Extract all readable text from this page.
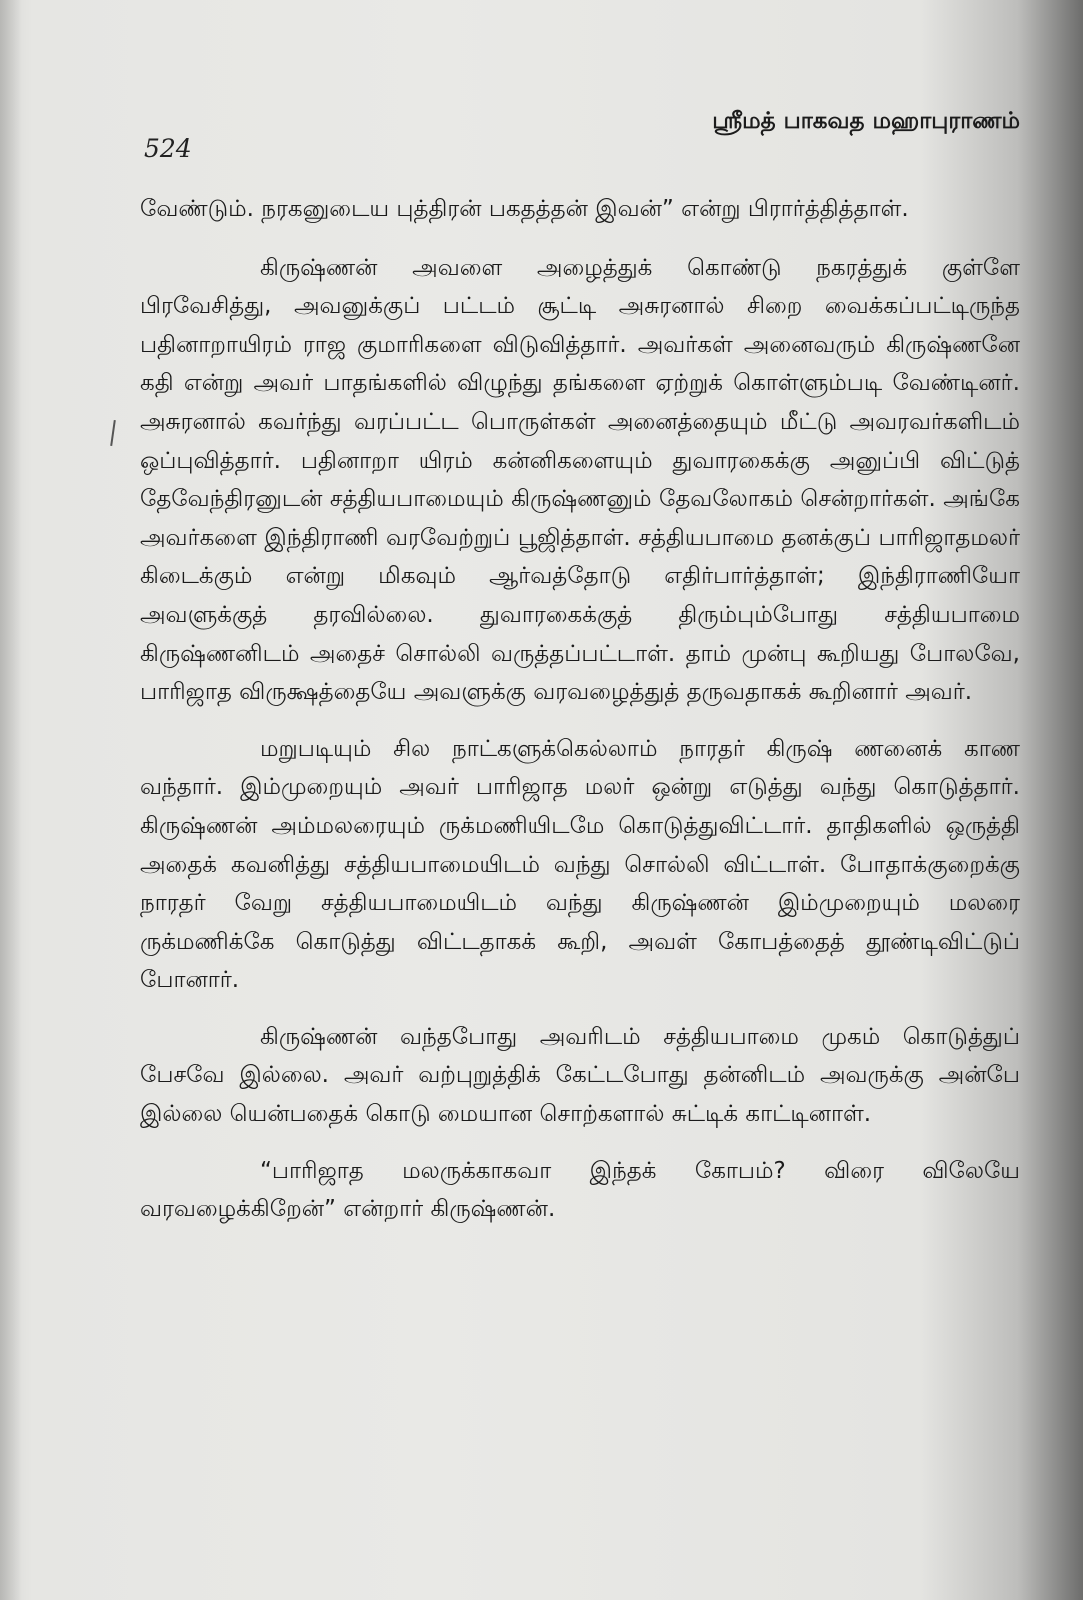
524
ஸ்ரீமத் பாகவத மஹாபுராணம்

வேண்டும். நரகனுடைய புத்திரன் பகதத்தன் இவன்” என்று பிரார்த்தித்தாள்.

கிருஷ்ணன் அவளை அழைத்துக் கொண்டு நகரத்துக் குள்ளே பிரவேசித்து, அவனுக்குப் பட்டம் சூட்டி அசுரனால் சிறை வைக்கப்பட்டிருந்த பதினாறாயிரம் ராஜ குமாரிகளை விடுவித்தார். அவர்கள் அனைவரும் கிருஷ்ணனே கதி என்று அவர் பாதங்களில் விழுந்து தங்களை ஏற்றுக் கொள்ளும்படி வேண்டினர். அசுரனால் கவர்ந்து வரப்பட்ட பொருள்கள் அனைத்தையும் மீட்டு அவரவர்களிடம் ஒப்புவித்தார். பதினாறா யிரம் கன்னிகளையும் துவாரகைக்கு அனுப்பி விட்டுத் தேவேந்திரனுடன் சத்தியபாமையும் கிருஷ்ணனும் தேவலோகம் சென்றார்கள். அங்கே அவர்களை இந்திராணி வரவேற்றுப் பூஜித்தாள். சத்தியபாமை தனக்குப் பாரிஜாதமலர் கிடைக்கும் என்று மிகவும் ஆர்வத்தோடு எதிர்பார்த்தாள்; இந்திராணியோ அவளுக்குத் தரவில்லை. துவாரகைக்குத் திரும்பும்போது சத்தியபாமை கிருஷ்ணனிடம் அதைச் சொல்லி வருத்தப்பட்டாள். தாம் முன்பு கூறியது போலவே, பாரிஜாத விருக்ஷத்தையே அவளுக்கு வரவழைத்துத் தருவதாகக் கூறினார் அவர்.

மறுபடியும் சில நாட்களுக்கெல்லாம் நாரதர் கிருஷ் ணனைக் காண வந்தார். இம்முறையும் அவர் பாரிஜாத மலர் ஒன்று எடுத்து வந்து கொடுத்தார். கிருஷ்ணன் அம்மலரையும் ருக்மணியிடமே கொடுத்துவிட்டார். தாதிகளில் ஒருத்தி அதைக் கவனித்து சத்தியபாமையிடம் வந்து சொல்லி விட்டாள். போதாக்குறைக்கு நாரதர் வேறு சத்தியபாமையிடம் வந்து கிருஷ்ணன் இம்முறையும் மலரை ருக்மணிக்கே கொடுத்து விட்டதாகக் கூறி, அவள் கோபத்தைத் தூண்டிவிட்டுப் போனார்.

கிருஷ்ணன் வந்தபோது அவரிடம் சத்தியபாமை முகம் கொடுத்துப் பேசவே இல்லை. அவர் வற்புறுத்திக் கேட்டபோது தன்னிடம் அவருக்கு அன்பே இல்லை யென்பதைக் கொடு மையான சொற்களால் சுட்டிக் காட்டினாள்.

“பாரிஜாத மலருக்காகவா இந்தக் கோபம்? விரை விலேயே வரவழைக்கிறேன்” என்றார் கிருஷ்ணன்.
